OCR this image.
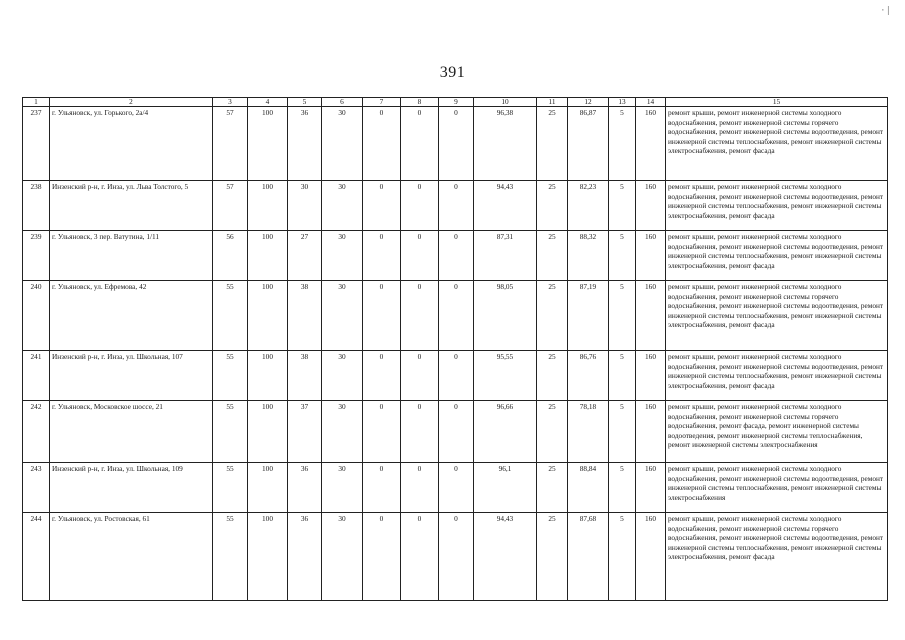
·|
391
1	2	3	4	5	6	7	8	9	10	11	12	13	14	15
237	г. Ульяновск, ул. Горького, 2а/4	57	100	36	30	0	0	0	96,38	25	86,87	5	160	ремонт крыши, ремонт инженерной системы холодного водоснабжения, ремонт инженерной системы горячего водоснабжения, ремонт инженерной системы водоотведения, ремонт инженерной системы теплоснабжения, ремонт инженерной системы электроснабжения, ремонт фасада
238	Инзенский р-н, г. Инза, ул. Льва Толстого, 5	57	100	30	30	0	0	0	94,43	25	82,23	5	160	ремонт крыши, ремонт инженерной системы холодного водоснабжения, ремонт инженерной системы водоотведения, ремонт инженерной системы теплоснабжения, ремонт инженерной системы электроснабжения, ремонт фасада
239	г. Ульяновск, 3 пер. Ватутина, 1/11	56	100	27	30	0	0	0	87,31	25	88,32	5	160	ремонт крыши, ремонт инженерной системы холодного водоснабжения, ремонт инженерной системы водоотведения, ремонт инженерной системы теплоснабжения, ремонт инженерной системы электроснабжения, ремонт фасада
240	г. Ульяновск, ул. Ефремова, 42	55	100	38	30	0	0	0	98,05	25	87,19	5	160	ремонт крыши, ремонт инженерной системы холодного водоснабжения, ремонт инженерной системы горячего водоснабжения, ремонт инженерной системы водоотведения, ремонт инженерной системы теплоснабжения, ремонт инженерной системы электроснабжения, ремонт фасада
241	Инзенский р-н, г. Инза, ул. Школьная, 107	55	100	38	30	0	0	0	95,55	25	86,76	5	160	ремонт крыши, ремонт инженерной системы холодного водоснабжения, ремонт инженерной системы водоотведения, ремонт инженерной системы теплоснабжения, ремонт инженерной системы электроснабжения, ремонт фасада
242	г. Ульяновск, Московское шоссе, 21	55	100	37	30	0	0	0	96,66	25	78,18	5	160	ремонт крыши, ремонт инженерной системы холодного водоснабжения, ремонт инженерной системы горячего водоснабжения, ремонт фасада, ремонт инженерной системы водоотведения, ремонт инженерной системы теплоснабжения, ремонт инженерной системы электроснабжения
243	Инзенский р-н, г. Инза, ул. Школьная, 109	55	100	36	30	0	0	0	96,1	25	88,84	5	160	ремонт крыши, ремонт инженерной системы холодного водоснабжения, ремонт инженерной системы водоотведения, ремонт инженерной системы теплоснабжения, ремонт инженерной системы электроснабжения
244	г. Ульяновск, ул. Ростовская, 61	55	100	36	30	0	0	0	94,43	25	87,68	5	160	ремонт крыши, ремонт инженерной системы холодного водоснабжения, ремонт инженерной системы горячего водоснабжения, ремонт инженерной системы водоотведения, ремонт инженерной системы теплоснабжения, ремонт инженерной системы электроснабжения, ремонт фасада
